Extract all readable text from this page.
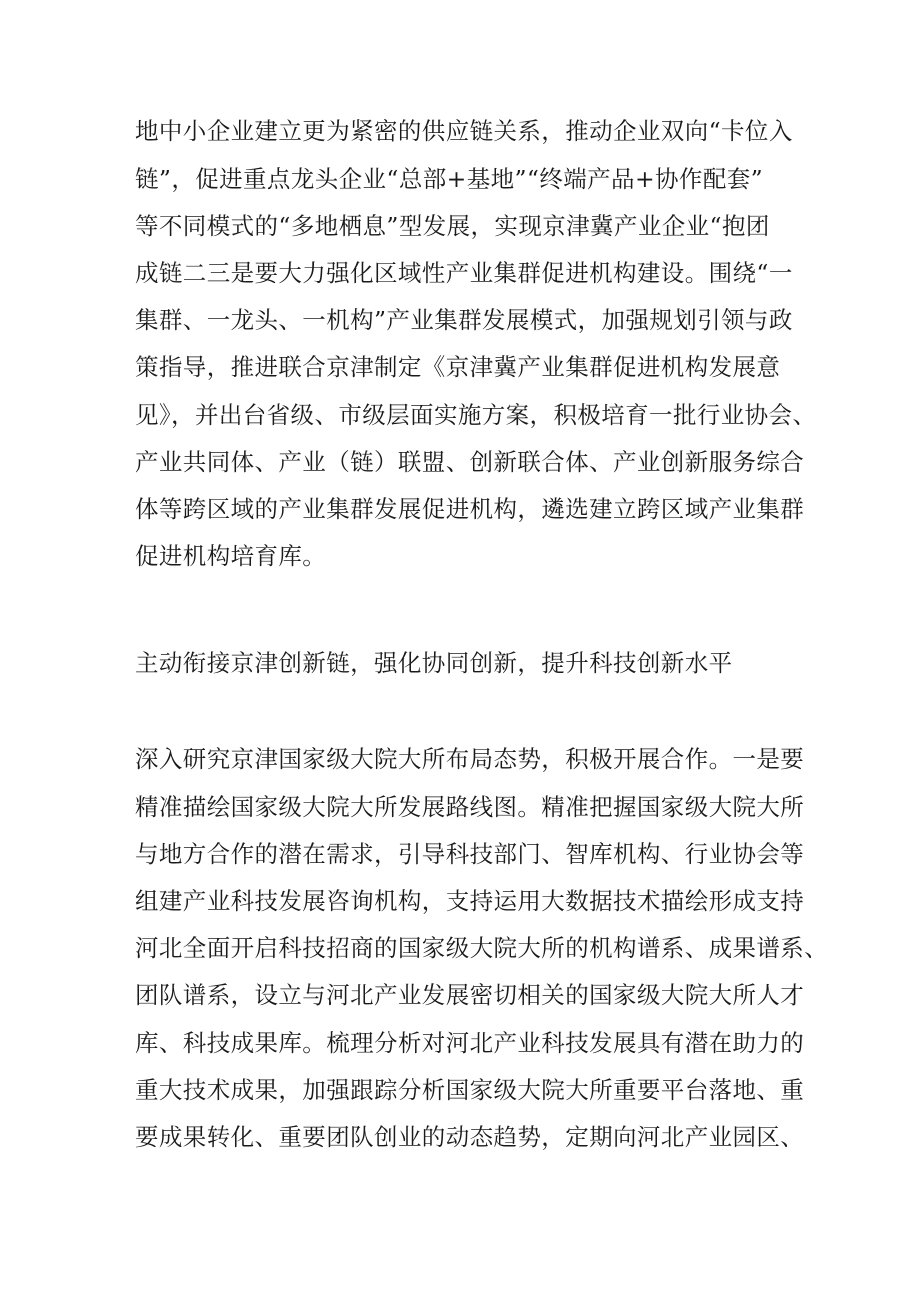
地中小企业建立更为紧密的供应链关系，推动企业双向“卡位入
链”，促进重点龙头企业“总部+基地”“终端产品+协作配套”
等不同模式的“多地栖息”型发展，实现京津冀产业企业“抱团
成链二三是要大力强化区域性产业集群促进机构建设。围绕“一
集群、一龙头、一机构”产业集群发展模式，加强规划引领与政
策指导，推进联合京津制定《京津冀产业集群促进机构发展意
见》，并出台省级、市级层面实施方案，积极培育一批行业协会、
产业共同体、产业（链）联盟、创新联合体、产业创新服务综合
体等跨区域的产业集群发展促进机构，遴选建立跨区域产业集群
促进机构培育库。
主动衔接京津创新链，强化协同创新，提升科技创新水平
深入研究京津国家级大院大所布局态势，积极开展合作。一是要
精准描绘国家级大院大所发展路线图。精准把握国家级大院大所
与地方合作的潜在需求，引导科技部门、智库机构、行业协会等
组建产业科技发展咨询机构，支持运用大数据技术描绘形成支持
河北全面开启科技招商的国家级大院大所的机构谱系、成果谱系、
团队谱系，设立与河北产业发展密切相关的国家级大院大所人才
库、科技成果库。梳理分析对河北产业科技发展具有潜在助力的
重大技术成果，加强跟踪分析国家级大院大所重要平台落地、重
要成果转化、重要团队创业的动态趋势，定期向河北产业园区、
